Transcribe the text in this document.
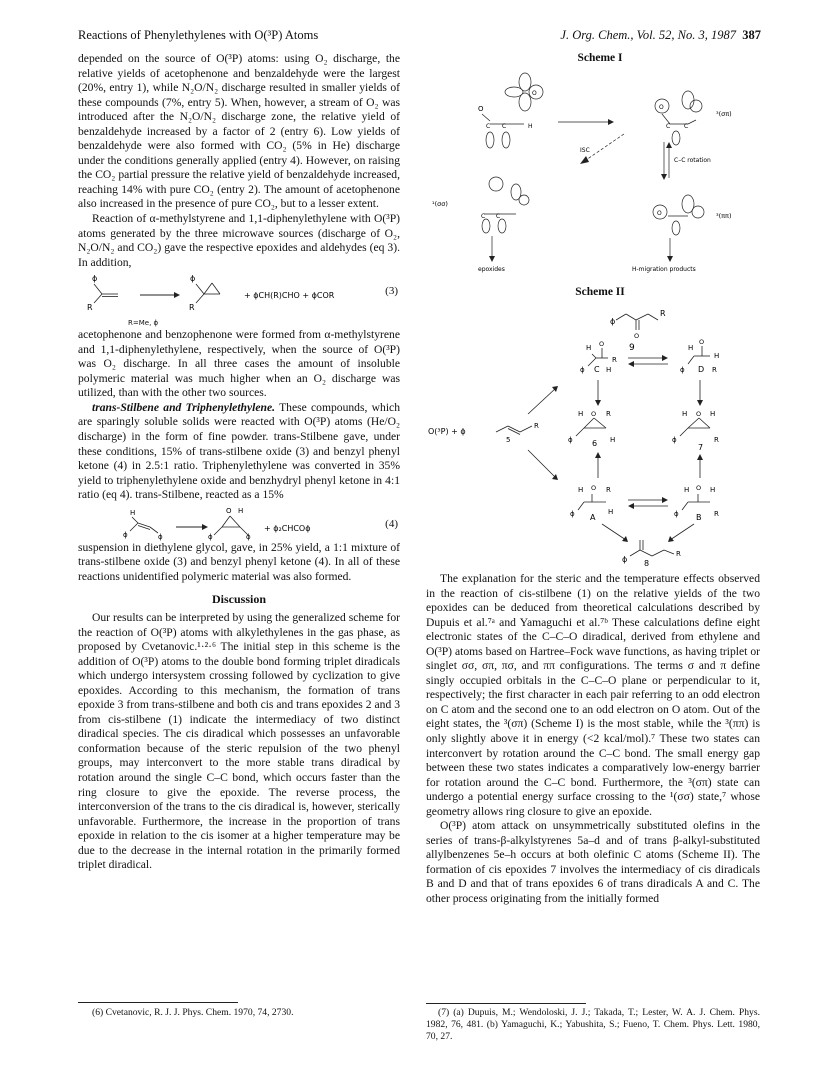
Reactions of Phenylethylenes with O(³P) Atoms	J. Org. Chem., Vol. 52, No. 3, 1987 387

depended on the source of O(³P) atoms: using O₂ discharge, the relative yields of acetophenone and benzaldehyde were the largest (20%, entry 1), while N₂O/N₂ discharge resulted in smaller yields of these compounds (7%, entry 5). When, however, a stream of O₂ was introduced after the N₂O/N₂ discharge zone, the relative yield of benzaldehyde increased by a factor of 2 (entry 6). Low yields of benzaldehyde were also formed with CO₂ (5% in He) discharge under the conditions generally applied (entry 4). However, on raising the CO₂ partial pressure the relative yield of benzaldehyde increased, reaching 14% with pure CO₂ (entry 2). The amount of acetophenone also increased in the presence of pure CO₂, but to a lesser extent.

Reaction of α-methylstyrene and 1,1-diphenylethylene with O(³P) atoms generated by the three microwave sources (discharge of O₂, N₂O/N₂ and CO₂) gave the respective epoxides and aldehydes (eq 3). In addition,

ϕ
R
ϕ
R
+ ϕCH(R)CHO + ϕCOR	(3)
R=Me, ϕ

acetophenone and benzophenone were formed from α-methylstyrene and 1,1-diphenylethylene, respectively, when the source of O(³P) was O₂ discharge. In all three cases the amount of insoluble polymeric material was much higher when an O₂ discharge was utilized, than with the other two sources.

trans-Stilbene and Triphenylethylene. These compounds, which are sparingly soluble solids were reacted with O(³P) atoms (He/O₂ discharge) in the form of fine powder. trans-Stilbene gave, under these conditions, 15% of trans-stilbene oxide (3) and benzyl phenyl ketone (4) in 2.5:1 ratio. Triphenylethylene was converted in 35% yield to triphenylethylene oxide and benzhydryl phenyl ketone in 4:1 ratio (eq 4). trans-Stilbene, reacted as a 15%

H
ϕ	ϕ
O H
ϕ	ϕ
+ ϕ₂CHCOϕ	(4)

suspension in diethylene glycol, gave, in 25% yield, a 1:1 mixture of trans-stilbene oxide (3) and benzyl phenyl ketone (4). In all of these reactions unidentified polymeric material was also formed.

Discussion

Our results can be interpreted by using the generalized scheme for the reaction of O(³P) atoms with alkylethylenes in the gas phase, as proposed by Cvetanovic.¹·²·⁶ The initial step in this scheme is the addition of O(³P) atoms to the double bond forming triplet diradicals which undergo intersystem crossing followed by cyclization to give epoxides. According to this mechanism, the formation of trans epoxide 3 from trans-stilbene and both cis and trans epoxides 2 and 3 from cis-stilbene (1) indicate the intermediacy of two distinct diradical species. The cis diradical which possesses an unfavorable conformation because of the steric repulsion of the two phenyl groups, may interconvert to the more stable trans diradical by rotation around the single C–C bond, which occurs faster than the ring closure to give the epoxide. The reverse process, the interconversion of the trans to the cis diradical is, however, sterically unfavorable. Furthermore, the increase in the proportion of trans epoxide in relation to the cis isomer at a higher temperature may be due to the decrease in the internal rotation in the primarily formed triplet diradical.

(6) Cvetanovic, R. J. J. Phys. Chem. 1970, 74, 2730.
Scheme I
O
O
C C	H
O
C C
³(σπ)
ISC
C–C rotation
¹(σσ)
C C
epoxides
O	³(ππ)
H-migration products
Scheme II
ϕ
O
R
9
H
R
O
ϕ C H
H
O
H
ϕ D R
O(³P) + ϕ
R
5
H O R
ϕ	H
6
H O H
ϕ	R
7
H O R
ϕ A
H
H O H
ϕ B R
ϕ
R
8

The explanation for the steric and the temperature effects observed in the reaction of cis-stilbene (1) on the relative yields of the two epoxides can be deduced from theoretical calculations described by Dupuis et al.⁷ᵃ and Yamaguchi et al.⁷ᵇ These calculations define eight electronic states of the C–C–O diradical, derived from ethylene and O(³P) atoms based on Hartree–Fock wave functions, as having triplet or singlet σσ, σπ, πσ, and ππ configurations. The terms σ and π define singly occupied orbitals in the C–C–O plane or perpendicular to it, respectively; the first character in each pair referring to an odd electron on C atom and the second one to an odd electron on O atom. Out of the eight states, the ³(σπ) (Scheme I) is the most stable, while the ³(ππ) is only slightly above it in energy (<2 kcal/mol).⁷ These two states can interconvert by rotation around the C–C bond. The small energy gap between these two states indicates a comparatively low-energy barrier for rotation around the C–C bond. Furthermore, the ³(σπ) state can undergo a potential energy surface crossing to the ¹(σσ) state,⁷ whose geometry allows ring closure to give an epoxide.

O(³P) atom attack on unsymmetrically substituted olefins in the series of trans-β-alkylstyrenes 5a–d and of trans β-alkyl-substituted allylbenzenes 5e–h occurs at both olefinic C atoms (Scheme II). The formation of cis epoxides 7 involves the intermediacy of cis diradicals B and D and that of trans epoxides 6 of trans diradicals A and C. The other process originating from the initially formed

(7) (a) Dupuis, M.; Wendoloski, J. J.; Takada, T.; Lester, W. A. J. Chem. Phys. 1982, 76, 481. (b) Yamaguchi, K.; Yabushita, S.; Fueno, T. Chem. Phys. Lett. 1980, 70, 27.
